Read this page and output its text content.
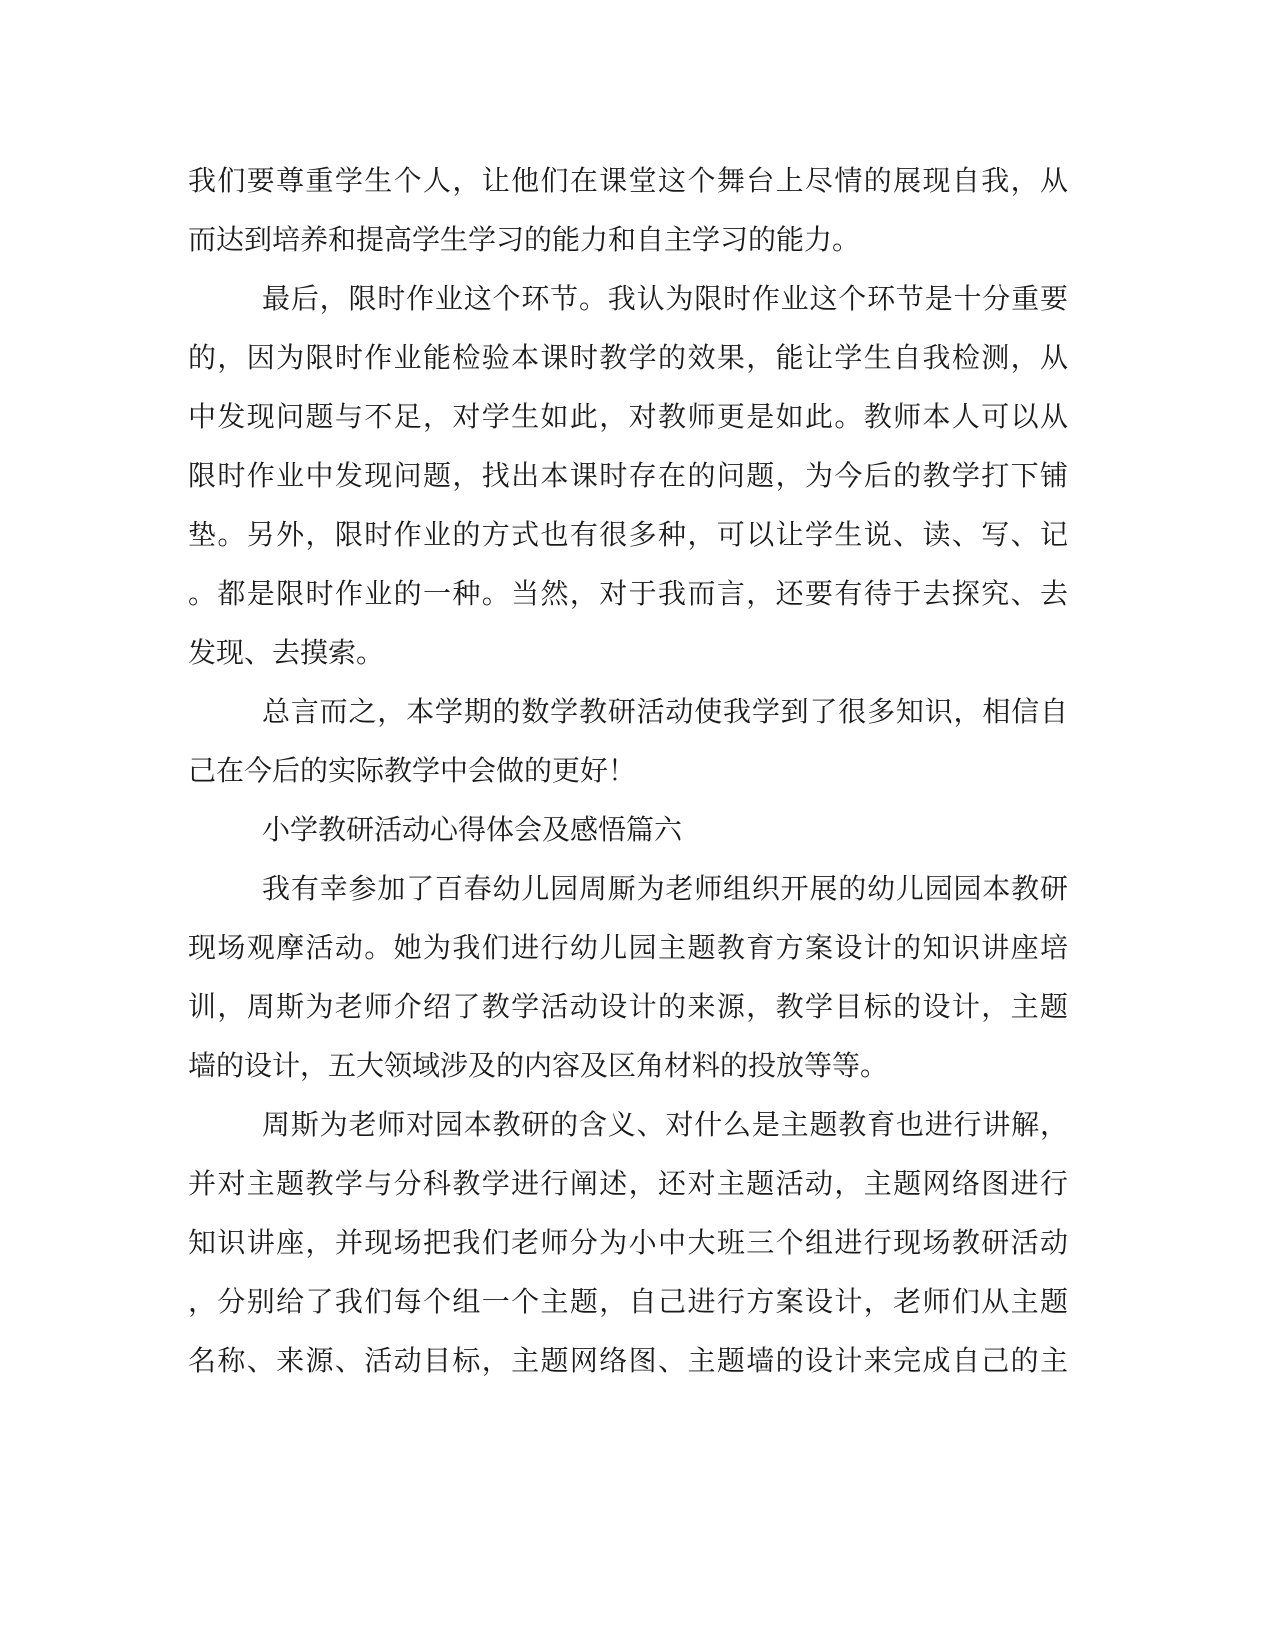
我们要尊重学生个人，让他们在课堂这个舞台上尽情的展现自我，从
而达到培养和提高学生学习的能力和自主学习的能力。
最后，限时作业这个环节。我认为限时作业这个环节是十分重要
的，因为限时作业能检验本课时教学的效果，能让学生自我检测，从
中发现问题与不足，对学生如此，对教师更是如此。教师本人可以从
限时作业中发现问题，找出本课时存在的问题，为今后的教学打下铺
垫。另外，限时作业的方式也有很多种，可以让学生说、读、写、记
。都是限时作业的一种。当然，对于我而言，还要有待于去探究、去
发现、去摸索。
总言而之，本学期的数学教研活动使我学到了很多知识，相信自
己在今后的实际教学中会做的更好！
小学教研活动心得体会及感悟篇六
我有幸参加了百春幼儿园周厮为老师组织开展的幼儿园园本教研
现场观摩活动。她为我们进行幼儿园主题教育方案设计的知识讲座培
训，周斯为老师介绍了教学活动设计的来源，教学目标的设计，主题
墙的设计，五大领域涉及的内容及区角材料的投放等等。
周斯为老师对园本教研的含义、对什么是主题教育也进行讲解，
并对主题教学与分科教学进行阐述，还对主题活动，主题网络图进行
知识讲座，并现场把我们老师分为小中大班三个组进行现场教研活动
，分别给了我们每个组一个主题，自己进行方案设计，老师们从主题
名称、来源、活动目标，主题网络图、主题墙的设计来完成自己的主
